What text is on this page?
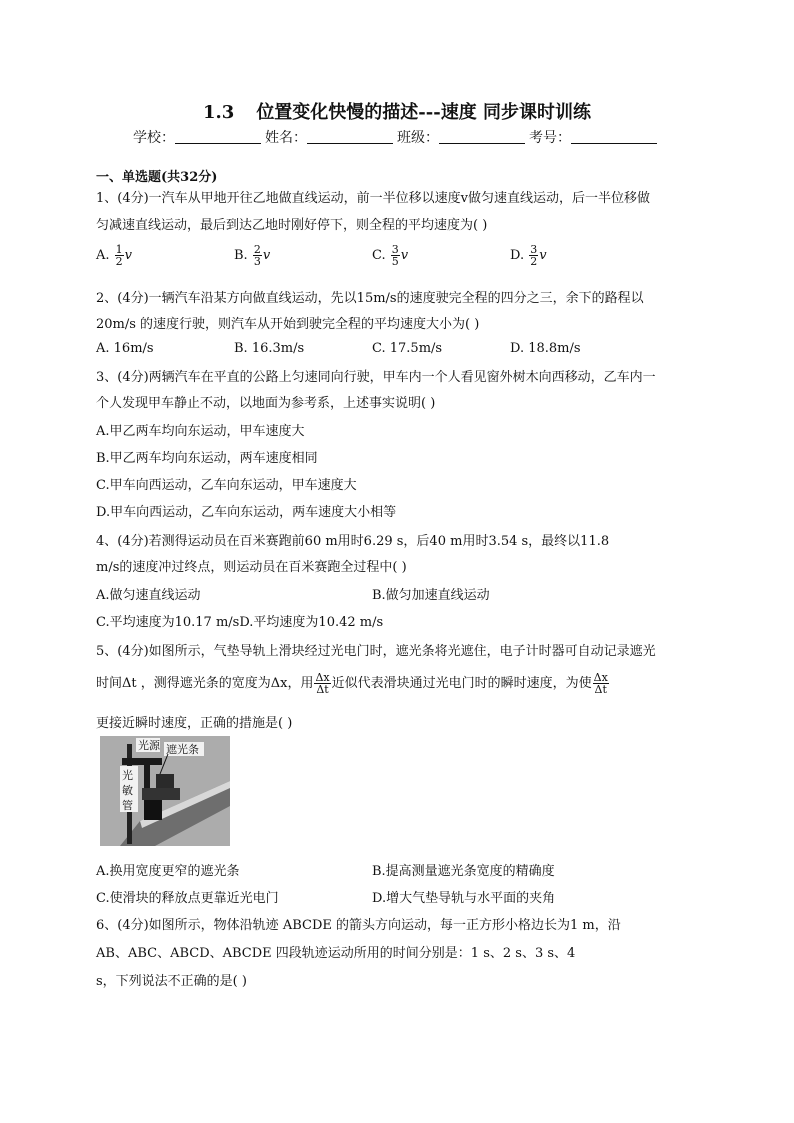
1.3 位置变化快慢的描述---速度 同步课时训练
学校：	姓名：	班级：	考号：
一、单选题(共32分)
1、(4分)一汽车从甲地开往乙地做直线运动，前一半位移以速度v做匀速直线运动，后一半位移做
匀减速直线运动，最后到达乙地时刚好停下，则全程的平均速度为( )
A. $\frac{1}{2}$ v	B. $\frac{2}{3}$ v	C. $\frac{3}{5}$ v	D. $\frac{3}{2}$ v
2、(4分)一辆汽车沿某方向做直线运动，先以15m/s的速度驶完全程的四分之三，余下的路程以
20m/s 的速度行驶，则汽车从开始到驶完全程的平均速度大小为( )
A. 16m/s	B. 16.3m/s	C. 17.5m/s	D. 18.8m/s
3、(4分)两辆汽车在平直的公路上匀速同向行驶，甲车内一个人看见窗外树木向西移动，乙车内一
个人发现甲车静止不动，以地面为参考系，上述事实说明( )
A.甲乙两车均向东运动，甲车速度大
B.甲乙两车均向东运动，两车速度相同
C.甲车向西运动，乙车向东运动，甲车速度大
D.甲车向西运动，乙车向东运动，两车速度大小相等
4、(4分)若测得运动员在百米赛跑前60 m用时6.29 s，后40 m用时3.54 s，最终以11.8
m/s的速度冲过终点，则运动员在百米赛跑全过程中( )
A.做匀速直线运动	B.做匀加速直线运动
C.平均速度为10.17 m/sD.平均速度为10.42 m/s
5、(4分)如图所示，气垫导轨上滑块经过光电门时，遮光条将光遮住，电子计时器可自动记录遮光
时间Δt ，测得遮光条的宽度为Δx，用 $\frac{\Delta x}{\Delta t}$ 近似代表滑块通过光电门时的瞬时速度，为使 $\frac{\Delta x}{\Delta t}$
更接近瞬时速度，正确的措施是( )
光源 遮光条
光
敏
管
A.换用宽度更窄的遮光条	B.提高测量遮光条宽度的精确度
C.使滑块的释放点更靠近光电门	D.增大气垫导轨与水平面的夹角
6、(4分)如图所示，物体沿轨迹 ABCDE 的箭头方向运动，每一正方形小格边长为1 m，沿
AB、ABC、ABCD、ABCDE 四段轨迹运动所用的时间分别是：1 s、2 s、3 s、4
s，下列说法不正确的是( )
